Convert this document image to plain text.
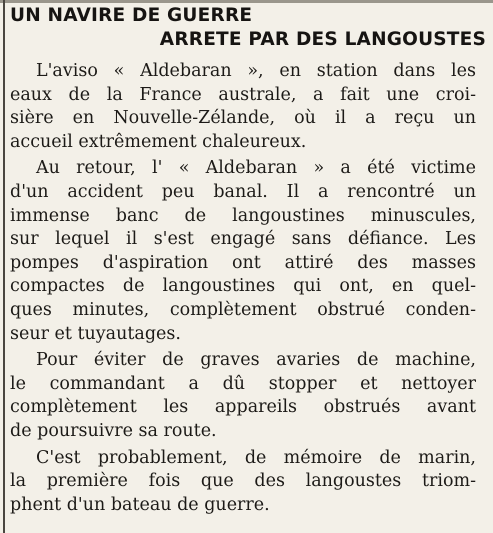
UN NAVIRE DE GUERRE
ARRETE PAR DES LANGOUSTES

L'aviso « Aldebaran », en station dans les
eaux de la France australe, a fait une croi-
sière en Nouvelle-Zélande, où il a reçu un
accueil extrêmement chaleureux.

Au retour, l' « Aldebaran » a été victime
d'un accident peu banal. Il a rencontré un
immense banc de langoustines minuscules,
sur lequel il s'est engagé sans défiance. Les
pompes d'aspiration ont attiré des masses
compactes de langoustines qui ont, en quel-
ques minutes, complètement obstrué conden-
seur et tuyautages.

Pour éviter de graves avaries de machine,
le commandant a dû stopper et nettoyer
complètement les appareils obstrués avant
de poursuivre sa route.

C'est probablement, de mémoire de marin,
la première fois que des langoustes triom-
phent d'un bateau de guerre.
